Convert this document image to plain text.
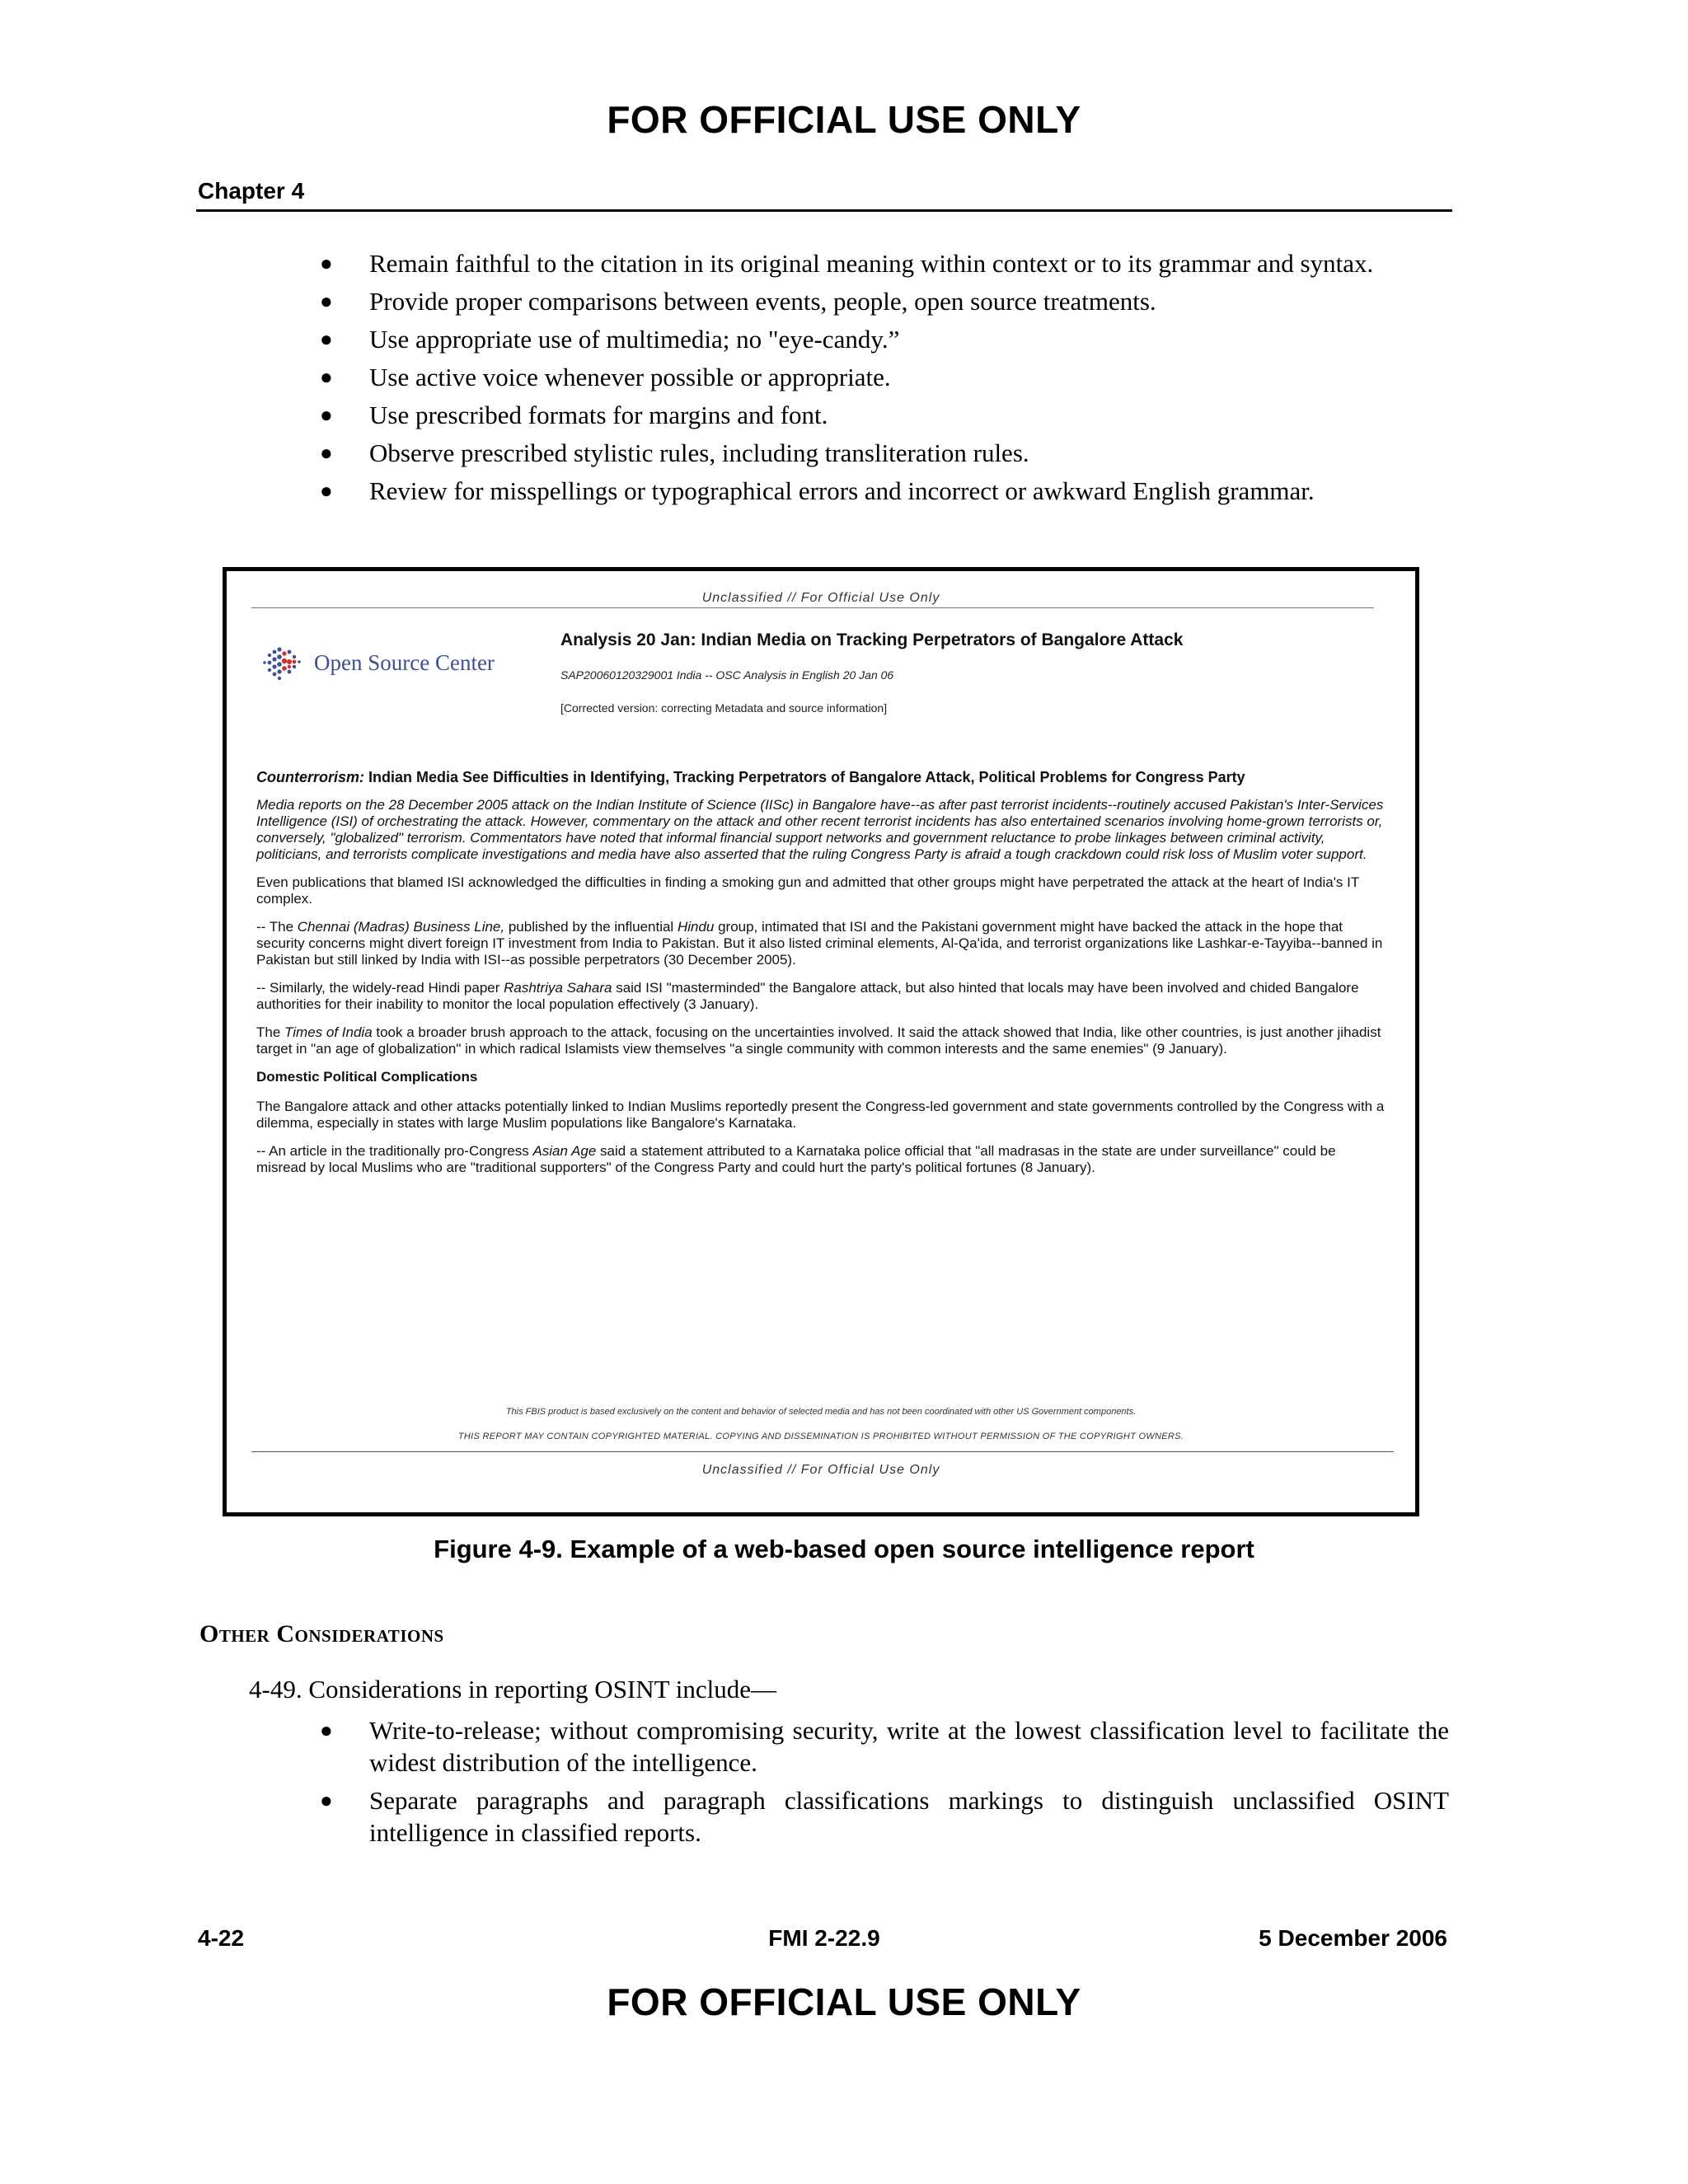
FOR OFFICIAL USE ONLY
Chapter 4
● Remain faithful to the citation in its original meaning within context or to its grammar and syntax.
● Provide proper comparisons between events, people, open source treatments.
● Use appropriate use of multimedia; no "eye-candy.”
● Use active voice whenever possible or appropriate.
● Use prescribed formats for margins and font.
● Observe prescribed stylistic rules, including transliteration rules.
● Review for misspellings or typographical errors and incorrect or awkward English grammar.
Unclassified // For Official Use Only
Open Source Center
Analysis 20 Jan: Indian Media on Tracking Perpetrators of Bangalore Attack
SAP20060120329001 India -- OSC Analysis in English 20 Jan 06
[Corrected version: correcting Metadata and source information]

Counterrorism: Indian Media See Difficulties in Identifying, Tracking Perpetrators of Bangalore Attack, Political Problems for Congress Party

Media reports on the 28 December 2005 attack on the Indian Institute of Science (IISc) in Bangalore have--as after past terrorist incidents--routinely accused Pakistan's Inter-Services Intelligence (ISI) of orchestrating the attack. However, commentary on the attack and other recent terrorist incidents has also entertained scenarios involving home-grown terrorists or, conversely, "globalized" terrorism. Commentators have noted that informal financial support networks and government reluctance to probe linkages between criminal activity, politicians, and terrorists complicate investigations and media have also asserted that the ruling Congress Party is afraid a tough crackdown could risk loss of Muslim voter support.

Even publications that blamed ISI acknowledged the difficulties in finding a smoking gun and admitted that other groups might have perpetrated the attack at the heart of India's IT complex.

-- The Chennai (Madras) Business Line, published by the influential Hindu group, intimated that ISI and the Pakistani government might have backed the attack in the hope that security concerns might divert foreign IT investment from India to Pakistan. But it also listed criminal elements, Al-Qa'ida, and terrorist organizations like Lashkar-e-Tayyiba--banned in Pakistan but still linked by India with ISI--as possible perpetrators (30 December 2005).

-- Similarly, the widely-read Hindi paper Rashtriya Sahara said ISI "masterminded" the Bangalore attack, but also hinted that locals may have been involved and chided Bangalore authorities for their inability to monitor the local population effectively (3 January).

The Times of India took a broader brush approach to the attack, focusing on the uncertainties involved. It said the attack showed that India, like other countries, is just another jihadist target in "an age of globalization" in which radical Islamists view themselves "a single community with common interests and the same enemies" (9 January).

Domestic Political Complications

The Bangalore attack and other attacks potentially linked to Indian Muslims reportedly present the Congress-led government and state governments controlled by the Congress with a dilemma, especially in states with large Muslim populations like Bangalore's Karnataka.

-- An article in the traditionally pro-Congress Asian Age said a statement attributed to a Karnataka police official that "all madrasas in the state are under surveillance" could be misread by local Muslims who are "traditional supporters" of the Congress Party and could hurt the party's political fortunes (8 January).

This FBIS product is based exclusively on the content and behavior of selected media and has not been coordinated with other US Government components.
THIS REPORT MAY CONTAIN COPYRIGHTED MATERIAL. COPYING AND DISSEMINATION IS PROHIBITED WITHOUT PERMISSION OF THE COPYRIGHT OWNERS.
Unclassified // For Official Use Only
Figure 4-9. Example of a web-based open source intelligence report
Other Considerations
4-49. Considerations in reporting OSINT include—
● Write-to-release; without compromising security, write at the lowest classification level to facilitate the widest distribution of the intelligence.
● Separate paragraphs and paragraph classifications markings to distinguish unclassified OSINT intelligence in classified reports.
4-22	FMI 2-22.9	5 December 2006
FOR OFFICIAL USE ONLY
